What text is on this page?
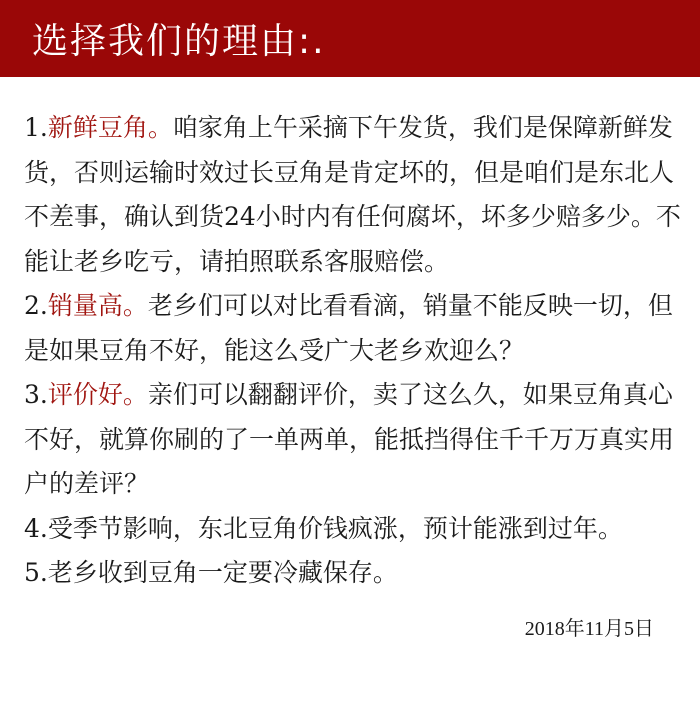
选择我们的理由:.

1.新鲜豆角。咱家角上午采摘下午发货，我们是保障新鲜发货，否则运输时效过长豆角是肯定坏的，但是咱们是东北人不差事，确认到货24小时内有任何腐坏，坏多少赔多少。不能让老乡吃亏，请拍照联系客服赔偿。

2.销量高。老乡们可以对比看看滴，销量不能反映一切，但是如果豆角不好，能这么受广大老乡欢迎么？

3.评价好。亲们可以翻翻评价，卖了这么久，如果豆角真心不好，就算你刷的了一单两单，能抵挡得住千千万万真实用户的差评？

4.受季节影响，东北豆角价钱疯涨，预计能涨到过年。

5.老乡收到豆角一定要冷藏保存。

2018年11月5日
